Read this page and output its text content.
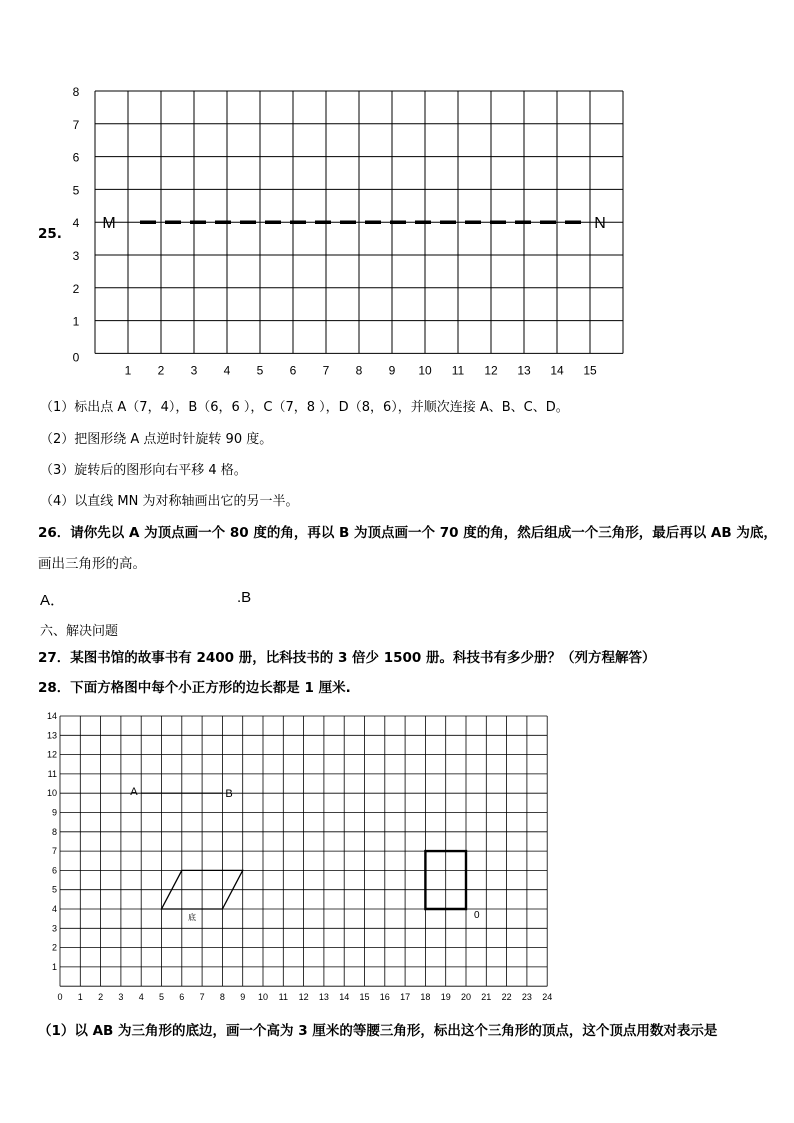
25.
0
1
2
3
4
5
6
7
8
1 2 3 4 5 6 7 8 9 10 11 12 13 14 15
M	N
（1）标出点 A（7，4），B（6，6 ），C（7，8 ），D（8，6），并顺次连接 A、B、C、D。
（2）把图形绕 A 点逆时针旋转 90 度。
（3）旋转后的图形向右平移 4 格。
（4）以直线 MN 为对称轴画出它的另一半。
26．请你先以 A 为顶点画一个 80 度的角，再以 B 为顶点画一个 70 度的角，然后组成一个三角形，最后再以 AB 为底，
画出三角形的高。
A．	.B
六、解决问题
27．某图书馆的故事书有 2400 册，比科技书的 3 倍少 1500 册。科技书有多少册？（列方程解答）
28．下面方格图中每个小正方形的边长都是 1 厘米.
1
2
3
4
5
6
7
8
9
10
11
12
13
14
0 1 2 3 4 5 6 7 8 9 10 11 12 13 14 15 16 17 18 19 20 21 22 23 24
A	B
底	0
（1）以 AB 为三角形的底边，画一个高为 3 厘米的等腰三角形，标出这个三角形的顶点，这个顶点用数对表示是
